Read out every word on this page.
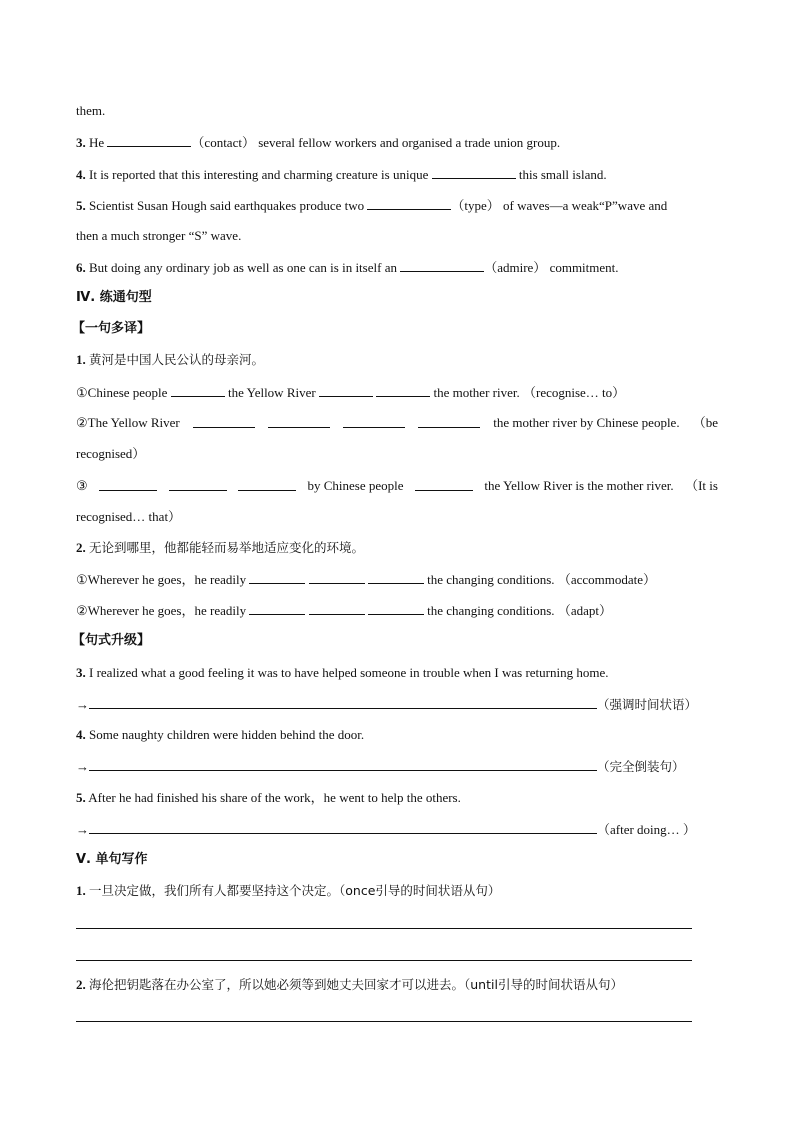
them.
3. He	（contact） several fellow workers and organised a trade union group.
4. It is reported that this interesting and charming creature is unique	this small island.
5. Scientist Susan Hough said earthquakes produce two	（type） of waves—a weak“P”wave and
then a much stronger “S” wave.
6. But doing any ordinary job as well as one can is in itself an	（admire） commitment.
Ⅳ. 练通句型
【一句多译】
1. 黄河是中国人民公认的母亲河。
①Chinese people	the Yellow River	the mother river. （recognise… to）
②The Yellow River	the mother river by Chinese people. （be
recognised）
③	by Chinese people	the Yellow River is the mother river. （It is
recognised… that）
2. 无论到哪里，他都能轻而易举地适应变化的环境。
①Wherever he goes，he readily	the changing conditions. （accommodate）
②Wherever he goes，he readily	the changing conditions. （adapt）
【句式升级】
3. I realized what a good feeling it was to have helped someone in trouble when I was returning home.
→	（强调时间状语）
4. Some naughty children were hidden behind the door.
→	（完全倒装句）
5. After he had finished his share of the work，he went to help the others.
→	（after doing… ）
Ⅴ. 单句写作
1. 一旦决定做，我们所有人都要坚持这个决定。（once引导的时间状语从句）
2. 海伦把钥匙落在办公室了，所以她必须等到她丈夫回家才可以进去。（until引导的时间状语从句）
